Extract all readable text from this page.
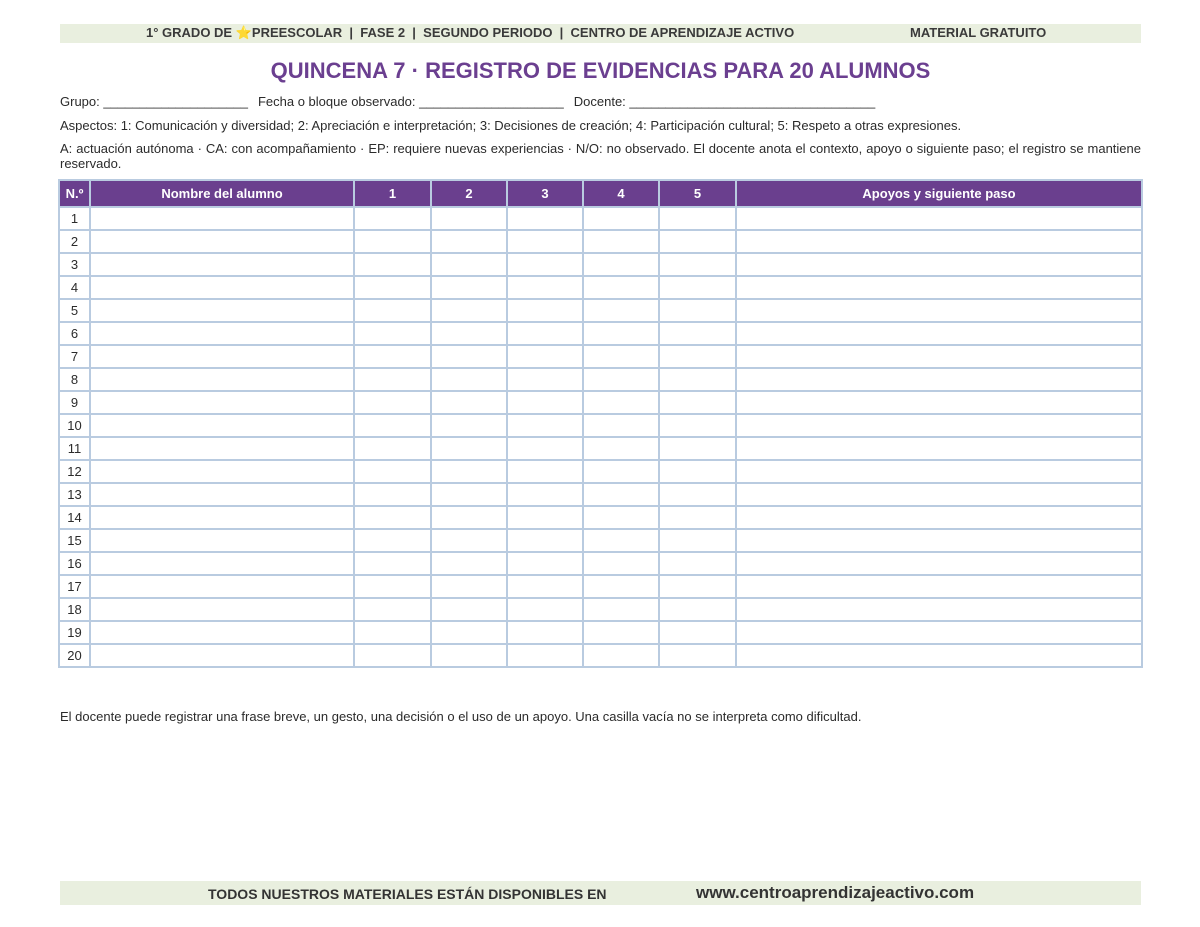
1° GRADO DE ⭐PREESCOLAR  |  FASE 2  |  SEGUNDO PERIODO  |  CENTRO DE APRENDIZAJE ACTIVO	MATERIAL GRATUITO
QUINCENA 7 · REGISTRO DE EVIDENCIAS PARA 20 ALUMNOS
Grupo: ____________________ Fecha o bloque observado: ____________________ Docente: __________________________________
Aspectos: 1: Comunicación y diversidad; 2: Apreciación e interpretación; 3: Decisiones de creación; 4: Participación cultural; 5: Respeto a otras expresiones.
A: actuación autónoma · CA: con acompañamiento · EP: requiere nuevas experiencias · N/O: no observado. El docente anota el contexto, apoyo o siguiente paso; el registro se mantiene reservado.
N.º	Nombre del alumno	1	2	3	4	5	Apoyos y siguiente paso
1							
2							
3							
4							
5							
6							
7							
8							
9							
10							
11							
12							
13							
14							
15							
16							
17							
18							
19							
20							
El docente puede registrar una frase breve, un gesto, una decisión o el uso de un apoyo. Una casilla vacía no se interpreta como dificultad.
TODOS NUESTROS MATERIALES ESTÁN DISPONIBLES EN	www.centroaprendizajeactivo.com
